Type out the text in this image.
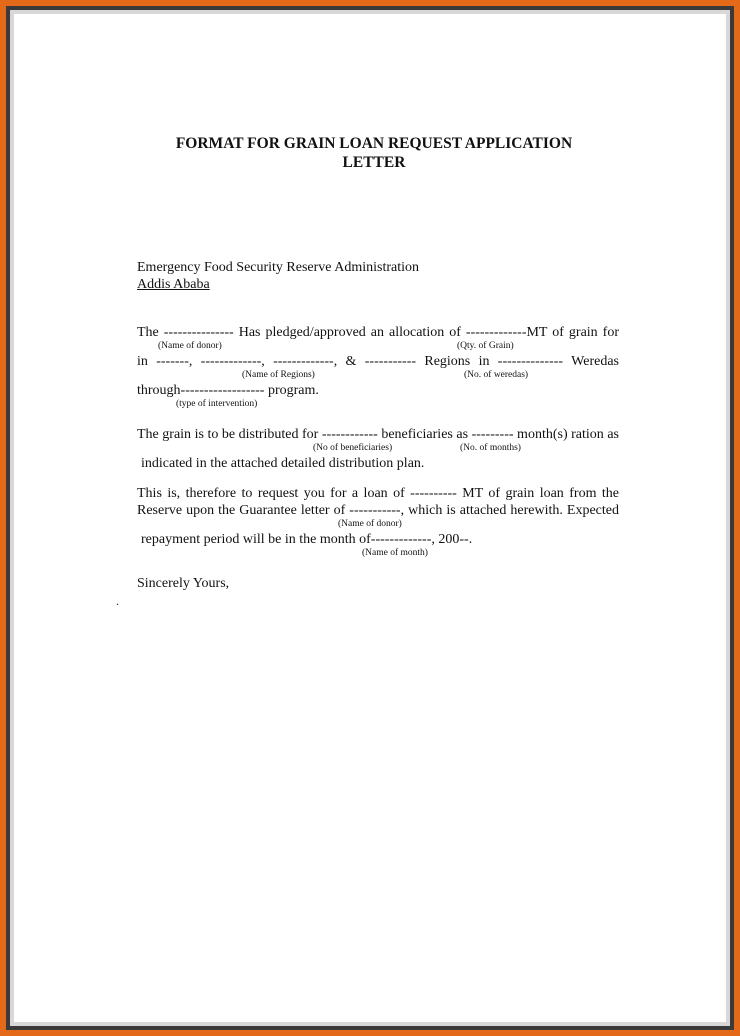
FORMAT FOR GRAIN LOAN REQUEST APPLICATION
LETTER
Emergency Food Security Reserve Administration
Addis Ababa
The --------------- Has pledged/approved an allocation of -------------MT of grain for
(Name of donor)	(Qty. of Grain)
in -------, -------------, -------------, & ----------- Regions in -------------- Weredas
(Name of Regions)	(No. of weredas)
through------------------ program.
(type of intervention)
The grain is to be distributed for ------------ beneficiaries as --------- month(s) ration as
(No of beneficiaries)	(No. of months)
indicated in the attached detailed distribution plan.
This is, therefore to request you for a loan of ---------- MT of grain loan from the
Reserve upon the Guarantee letter of -----------, which is attached herewith. Expected
(Name of donor)
repayment period will be in the month of-------------, 200--.
(Name of month)
Sincerely Yours,
.
